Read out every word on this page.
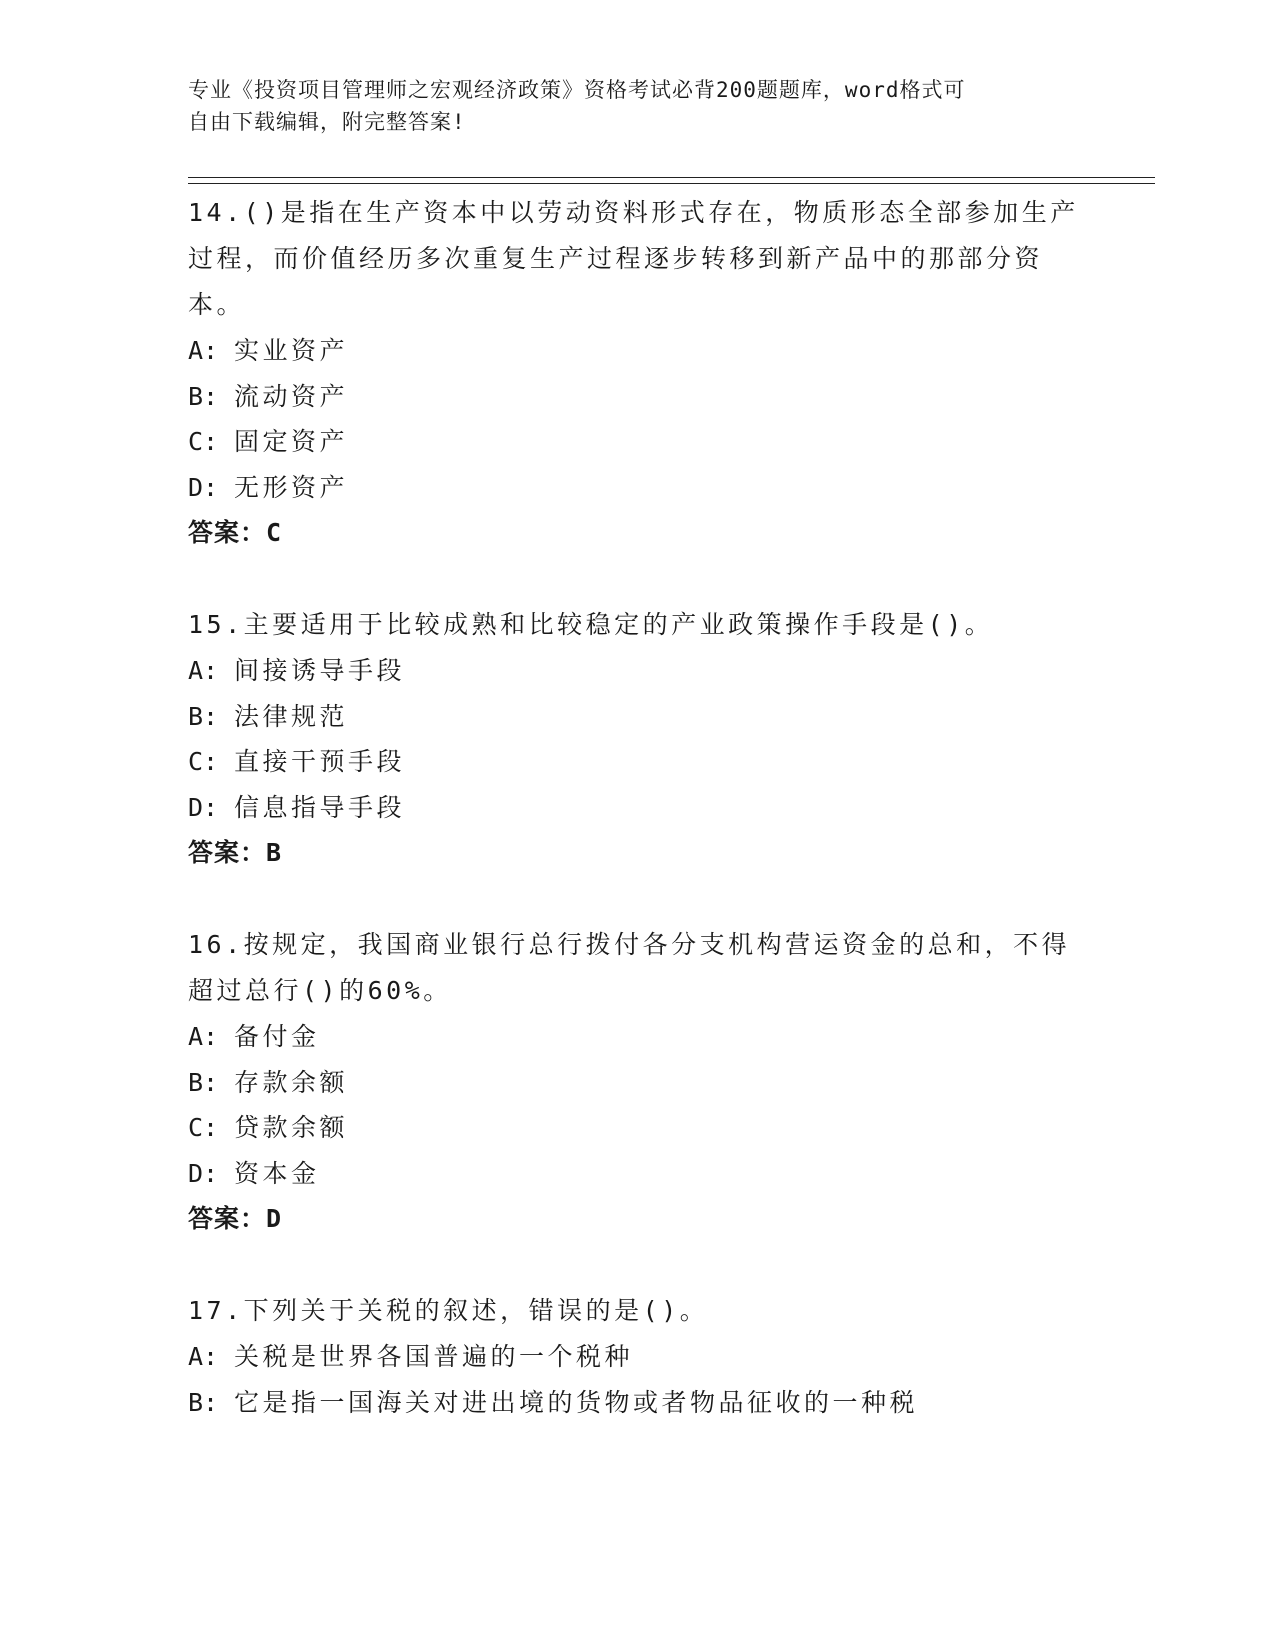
专业《投资项目管理师之宏观经济政策》资格考试必背200题题库，word格式可
自由下载编辑，附完整答案!

14.()是指在生产资本中以劳动资料形式存在，物质形态全部参加生产过程，而价值经历多次重复生产过程逐步转移到新产品中的那部分资本。

A: 实业资产

B: 流动资产

C: 固定资产

D: 无形资产

答案：C

15.主要适用于比较成熟和比较稳定的产业政策操作手段是()。

A: 间接诱导手段

B: 法律规范

C: 直接干预手段

D: 信息指导手段

答案：B

16.按规定，我国商业银行总行拨付各分支机构营运资金的总和，不得超过总行()的60%。

A: 备付金

B: 存款余额

C: 贷款余额

D: 资本金

答案：D

17.下列关于关税的叙述，错误的是()。

A: 关税是世界各国普遍的一个税种

B: 它是指一国海关对进出境的货物或者物品征收的一种税
